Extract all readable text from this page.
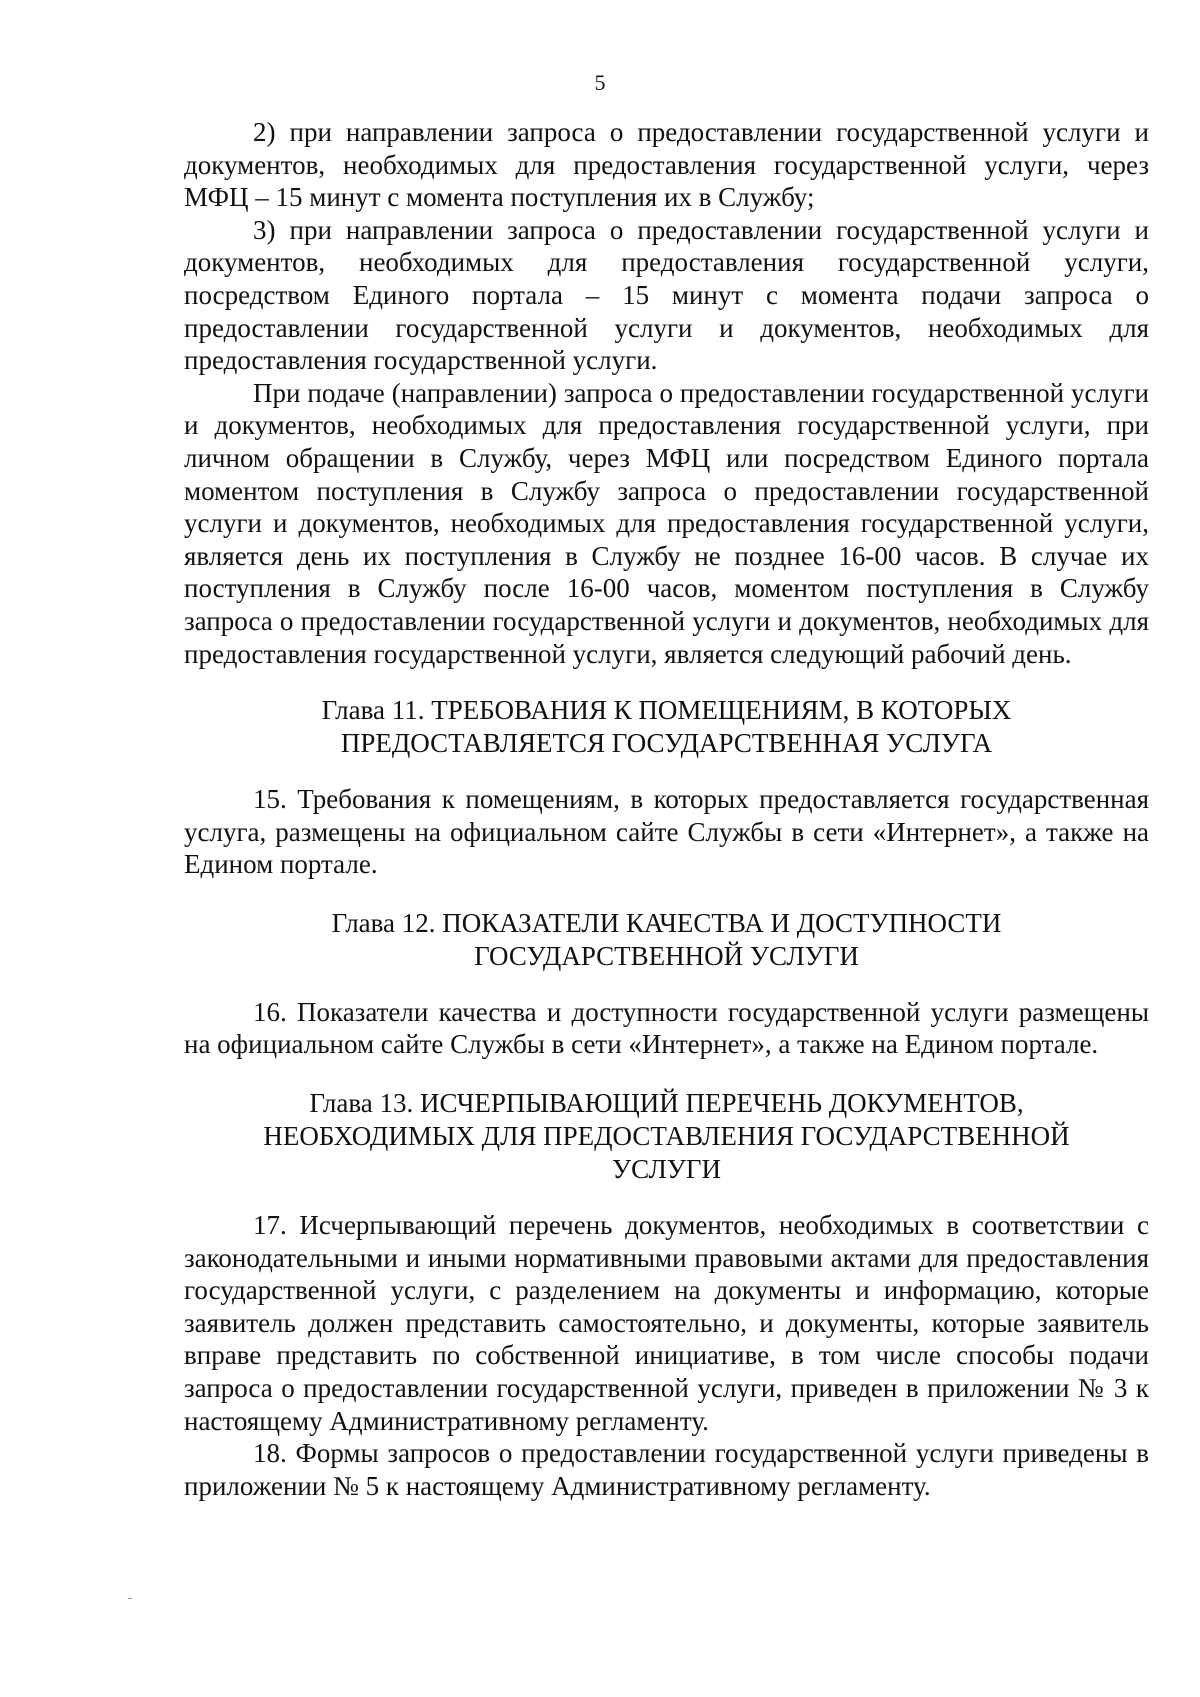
5

2) при направлении запроса о предоставлении государственной услуги и документов, необходимых для предоставления государственной услуги, через МФЦ – 15 минут с момента поступления их в Службу;

3) при направлении запроса о предоставлении государственной услуги и документов, необходимых для предоставления государственной услуги, посредством Единого портала – 15 минут с момента подачи запроса о предоставлении государственной услуги и документов, необходимых для предоставления государственной услуги.

При подаче (направлении) запроса о предоставлении государственной услуги и документов, необходимых для предоставления государственной услуги, при личном обращении в Службу, через МФЦ или посредством Единого портала моментом поступления в Службу запроса о предоставлении государственной услуги и документов, необходимых для предоставления государственной услуги, является день их поступления в Службу не позднее 16-00 часов. В случае их поступления в Службу после 16-00 часов, моментом поступления в Службу запроса о предоставлении государственной услуги и документов, необходимых для предоставления государственной услуги, является следующий рабочий день.

Глава 11. ТРЕБОВАНИЯ К ПОМЕЩЕНИЯМ, В КОТОРЫХ
ПРЕДОСТАВЛЯЕТСЯ ГОСУДАРСТВЕННАЯ УСЛУГА

15. Требования к помещениям, в которых предоставляется государственная услуга, размещены на официальном сайте Службы в сети «Интернет», а также на Едином портале.

Глава 12. ПОКАЗАТЕЛИ КАЧЕСТВА И ДОСТУПНОСТИ
ГОСУДАРСТВЕННОЙ УСЛУГИ

16. Показатели качества и доступности государственной услуги размещены на официальном сайте Службы в сети «Интернет», а также на Едином портале.

Глава 13. ИСЧЕРПЫВАЮЩИЙ ПЕРЕЧЕНЬ ДОКУМЕНТОВ,
НЕОБХОДИМЫХ ДЛЯ ПРЕДОСТАВЛЕНИЯ ГОСУДАРСТВЕННОЙ
УСЛУГИ

17. Исчерпывающий перечень документов, необходимых в соответствии с законодательными и иными нормативными правовыми актами для предоставления государственной услуги, с разделением на документы и информацию, которые заявитель должен представить самостоятельно, и документы, которые заявитель вправе представить по собственной инициативе, в том числе способы подачи запроса о предоставлении государственной услуги, приведен в приложении № 3 к настоящему Административному регламенту.

18. Формы запросов о предоставлении государственной услуги приведены в приложении № 5 к настоящему Административному регламенту.
